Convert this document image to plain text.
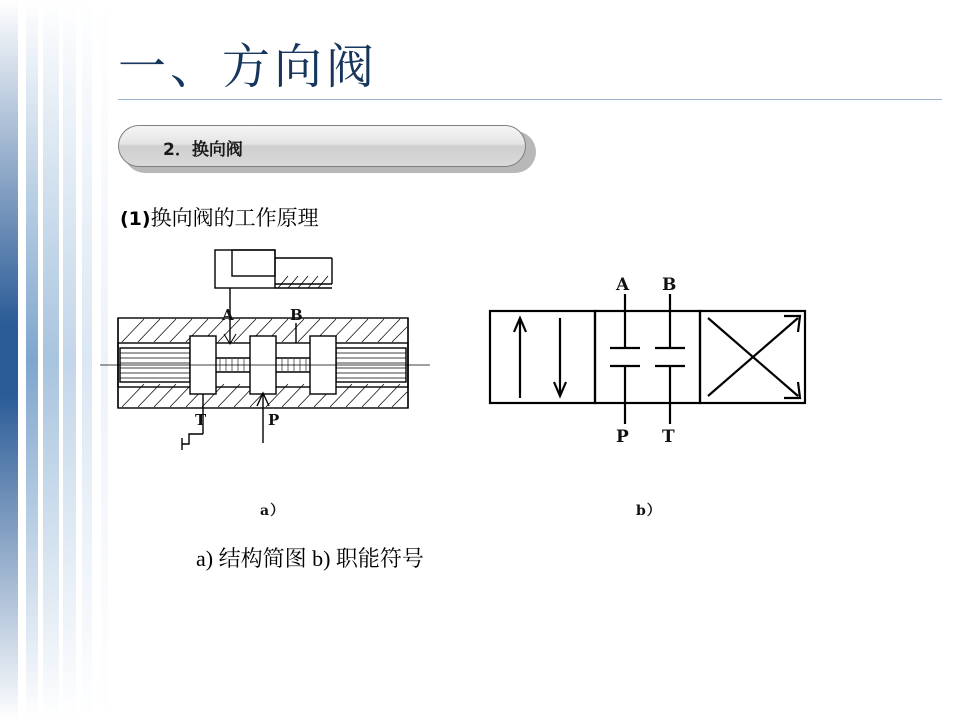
一、方向阀
2．换向阀
(1)换向阀的工作原理
A	B
T	P
a）
A B
P T
b）
a) 结构简图 b) 职能符号
